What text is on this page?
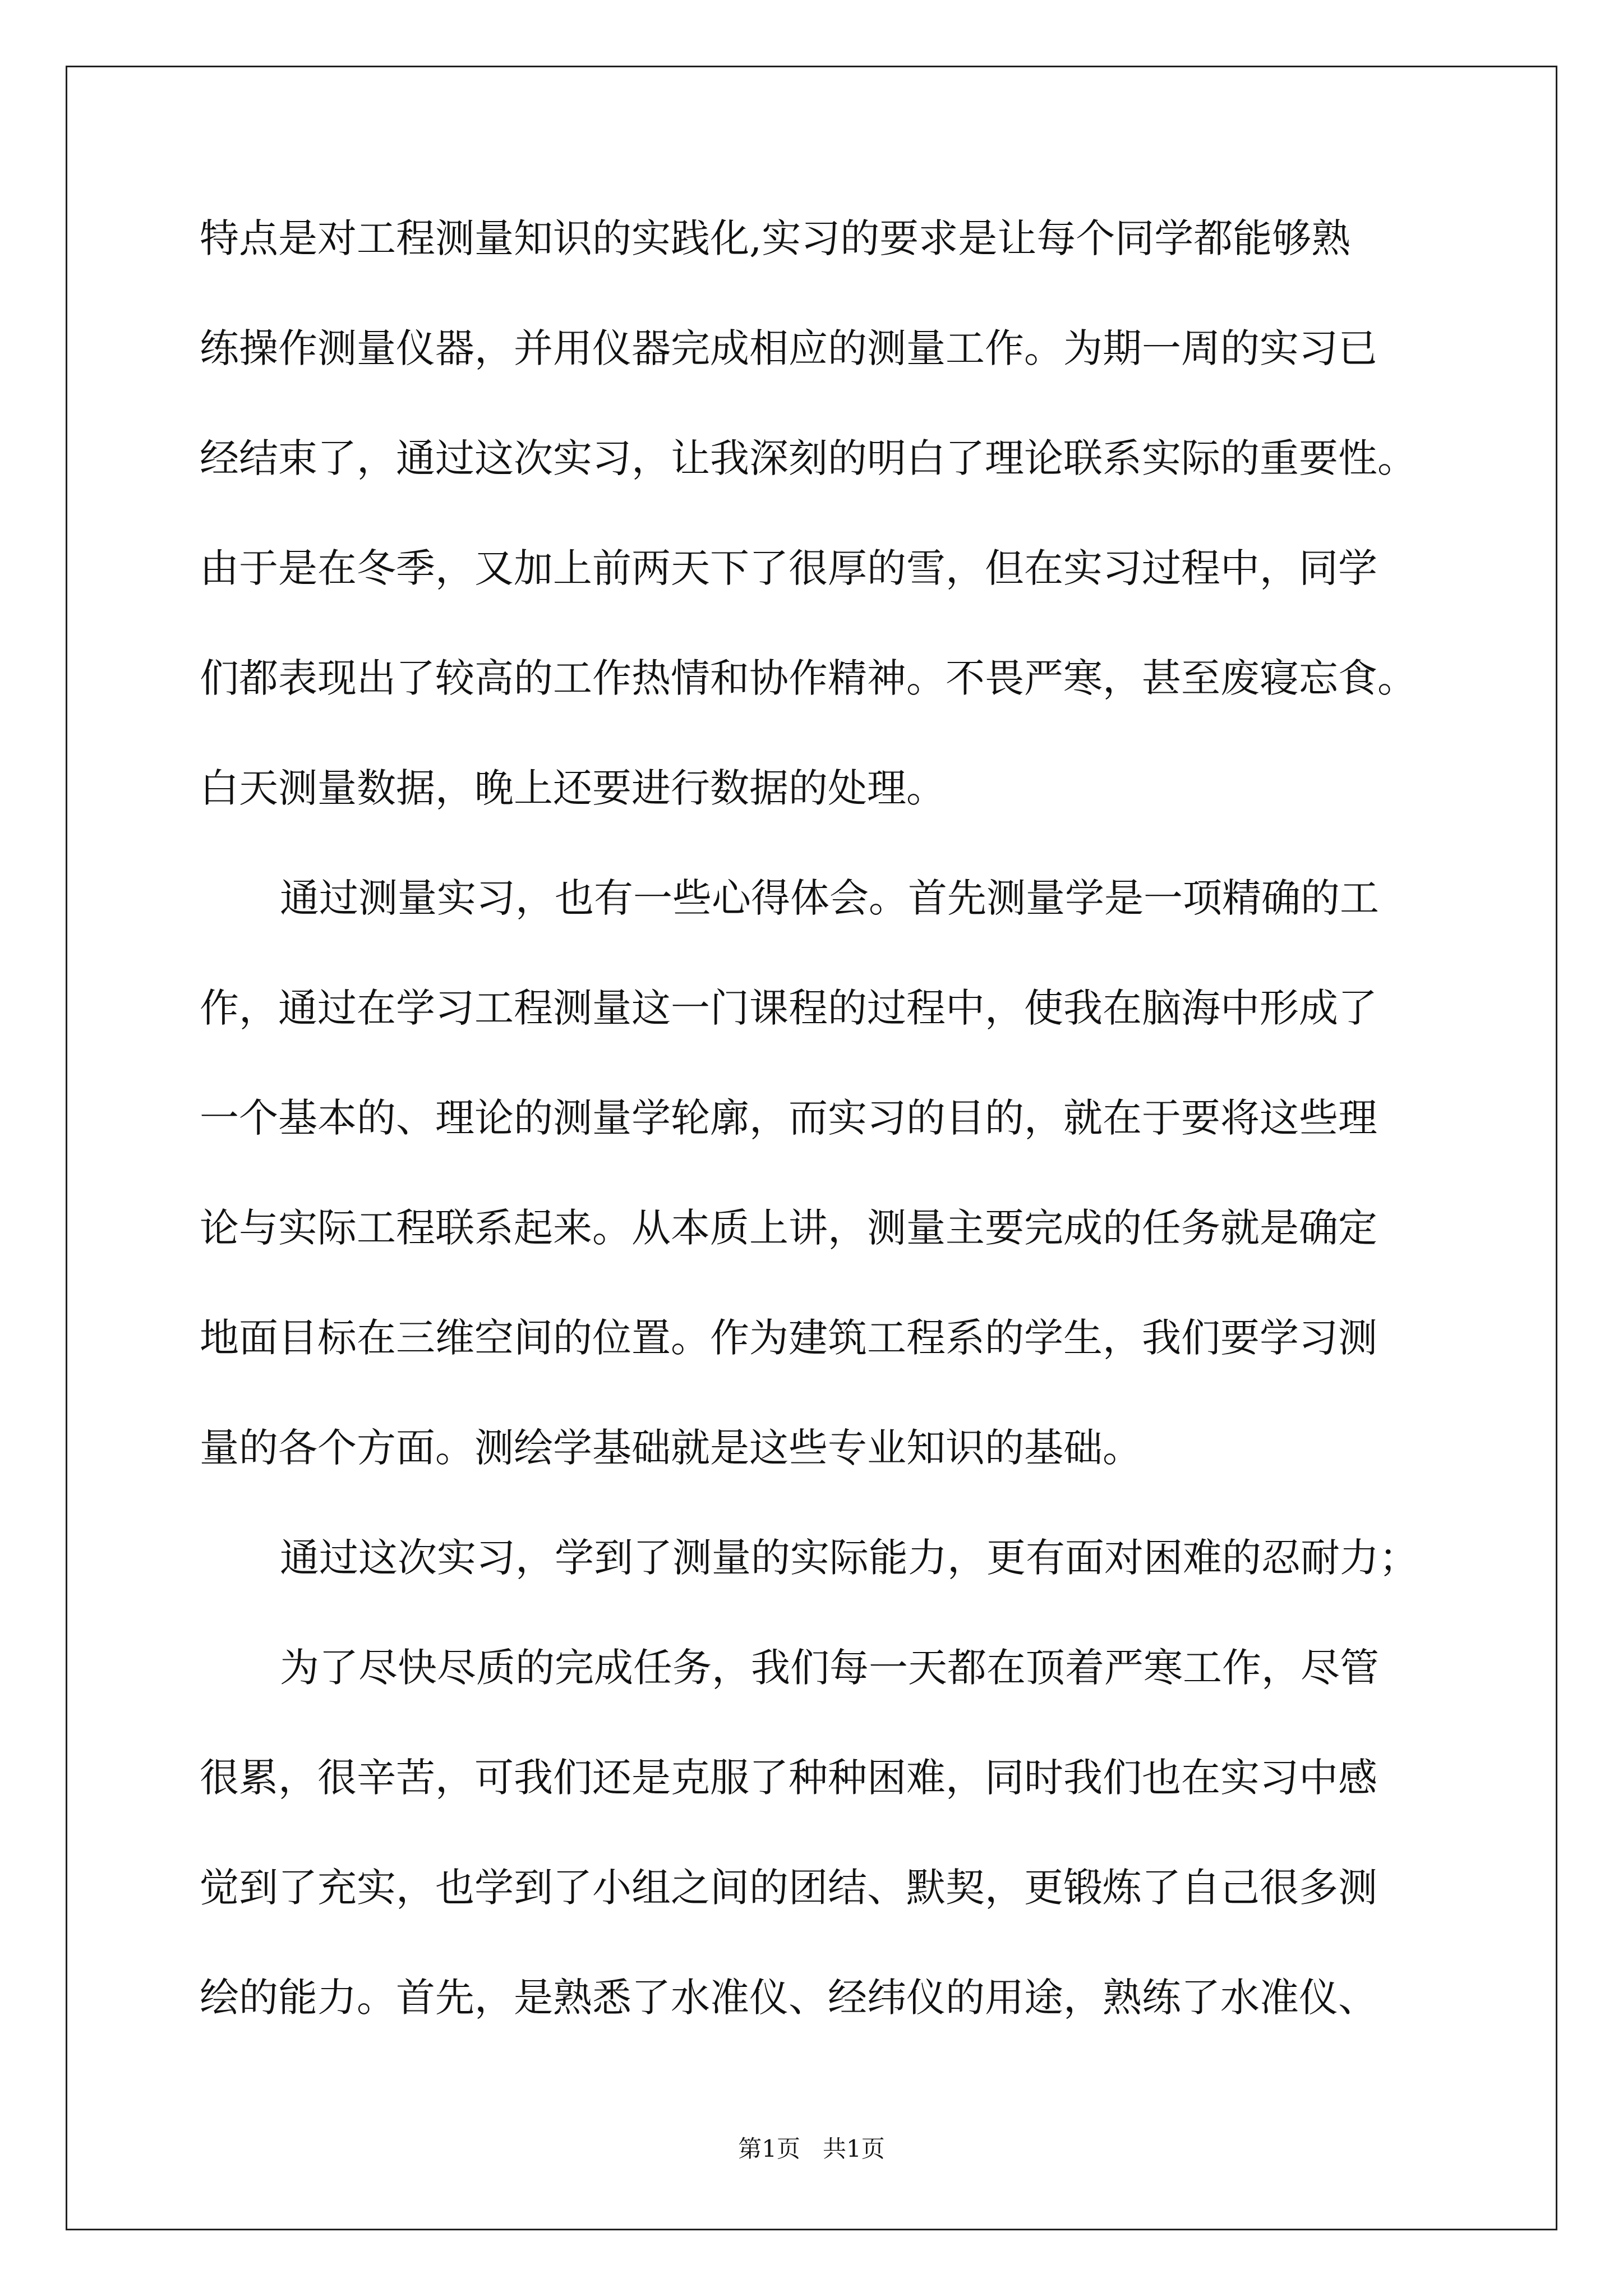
特点是对工程测量知识的实践化,实习的要求是让每个同学都能够熟
练操作测量仪器，并用仪器完成相应的测量工作。为期一周的实习已
经结束了，通过这次实习，让我深刻的明白了理论联系实际的重要性。
由于是在冬季，又加上前两天下了很厚的雪，但在实习过程中，同学
们都表现出了较高的工作热情和协作精神。不畏严寒，甚至废寝忘食。
白天测量数据，晚上还要进行数据的处理。
通过测量实习，也有一些心得体会。首先测量学是一项精确的工
作，通过在学习工程测量这一门课程的过程中，使我在脑海中形成了
一个基本的、理论的测量学轮廓，而实习的目的，就在于要将这些理
论与实际工程联系起来。从本质上讲，测量主要完成的任务就是确定
地面目标在三维空间的位置。作为建筑工程系的学生，我们要学习测
量的各个方面。测绘学基础就是这些专业知识的基础。
通过这次实习，学到了测量的实际能力，更有面对困难的忍耐力；
为了尽快尽质的完成任务，我们每一天都在顶着严寒工作，尽管
很累，很辛苦，可我们还是克服了种种困难，同时我们也在实习中感
觉到了充实，也学到了小组之间的团结、默契，更锻炼了自己很多测
绘的能力。首先，是熟悉了水准仪、经纬仪的用途，熟练了水准仪、
第1页   共1页
